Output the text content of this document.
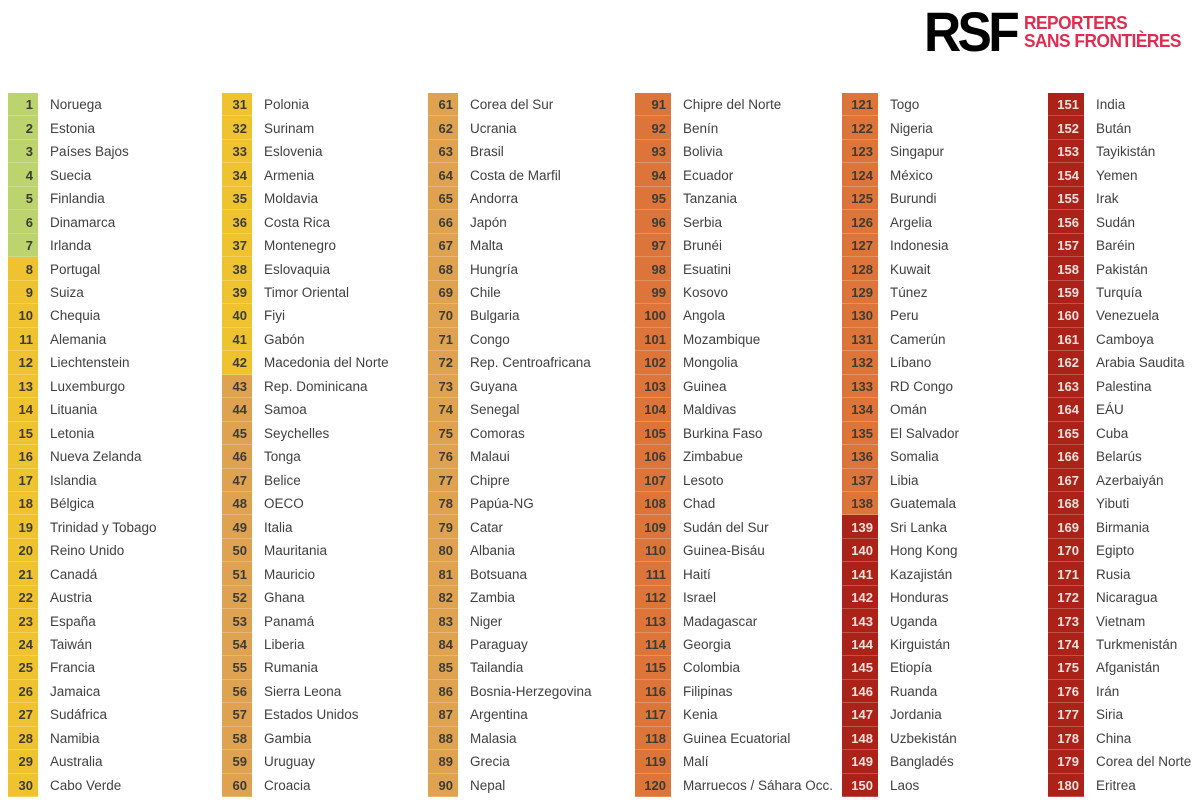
RSF REPORTERS
SANS FRONTIÈRES
1	Noruega
2	Estonia
3	Países Bajos
4	Suecia
5	Finlandia
6	Dinamarca
7	Irlanda
8	Portugal
9	Suiza
10	Chequia
11	Alemania
12	Liechtenstein
13	Luxemburgo
14	Lituania
15	Letonia
16	Nueva Zelanda
17	Islandia
18	Bélgica
19	Trinidad y Tobago
20	Reino Unido
21	Canadá
22	Austria
23	España
24	Taiwán
25	Francia
26	Jamaica
27	Sudáfrica
28	Namibia
29	Australia
30	Cabo Verde
31	Polonia
32	Surinam
33	Eslovenia
34	Armenia
35	Moldavia
36	Costa Rica
37	Montenegro
38	Eslovaquia
39	Timor Oriental
40	Fiyi
41	Gabón
42	Macedonia del Norte
43	Rep. Dominicana
44	Samoa
45	Seychelles
46	Tonga
47	Belice
48	OECO
49	Italia
50	Mauritania
51	Mauricio
52	Ghana
53	Panamá
54	Liberia
55	Rumania
56	Sierra Leona
57	Estados Unidos
58	Gambia
59	Uruguay
60	Croacia
61	Corea del Sur
62	Ucrania
63	Brasil
64	Costa de Marfil
65	Andorra
66	Japón
67	Malta
68	Hungría
69	Chile
70	Bulgaria
71	Congo
72	Rep. Centroafricana
73	Guyana
74	Senegal
75	Comoras
76	Malaui
77	Chipre
78	Papúa-NG
79	Catar
80	Albania
81	Botsuana
82	Zambia
83	Niger
84	Paraguay
85	Tailandia
86	Bosnia-Herzegovina
87	Argentina
88	Malasia
89	Grecia
90	Nepal
91	Chipre del Norte
92	Benín
93	Bolivia
94	Ecuador
95	Tanzania
96	Serbia
97	Brunéi
98	Esuatini
99	Kosovo
100	Angola
101	Mozambique
102	Mongolia
103	Guinea
104	Maldivas
105	Burkina Faso
106	Zimbabue
107	Lesoto
108	Chad
109	Sudán del Sur
110	Guinea-Bisáu
111	Haití
112	Israel
113	Madagascar
114	Georgia
115	Colombia
116	Filipinas
117	Kenia
118	Guinea Ecuatorial
119	Malí
120	Marruecos / Sáhara Occ.
121	Togo
122	Nigeria
123	Singapur
124	México
125	Burundi
126	Argelia
127	Indonesia
128	Kuwait
129	Túnez
130	Peru
131	Camerún
132	Líbano
133	RD Congo
134	Omán
135	El Salvador
136	Somalia
137	Libia
138	Guatemala
139	Sri Lanka
140	Hong Kong
141	Kazajistán
142	Honduras
143	Uganda
144	Kirguistán
145	Etiopía
146	Ruanda
147	Jordania
148	Uzbekistán
149	Bangladés
150	Laos
151	India
152	Bután
153	Tayikistán
154	Yemen
155	Irak
156	Sudán
157	Baréin
158	Pakistán
159	Turquía
160	Venezuela
161	Camboya
162	Arabia Saudita
163	Palestina
164	EÁU
165	Cuba
166	Belarús
167	Azerbaiyán
168	Yibuti
169	Birmania
170	Egipto
171	Rusia
172	Nicaragua
173	Vietnam
174	Turkmenistán
175	Afganistán
176	Irán
177	Siria
178	China
179	Corea del Norte
180	Eritrea
